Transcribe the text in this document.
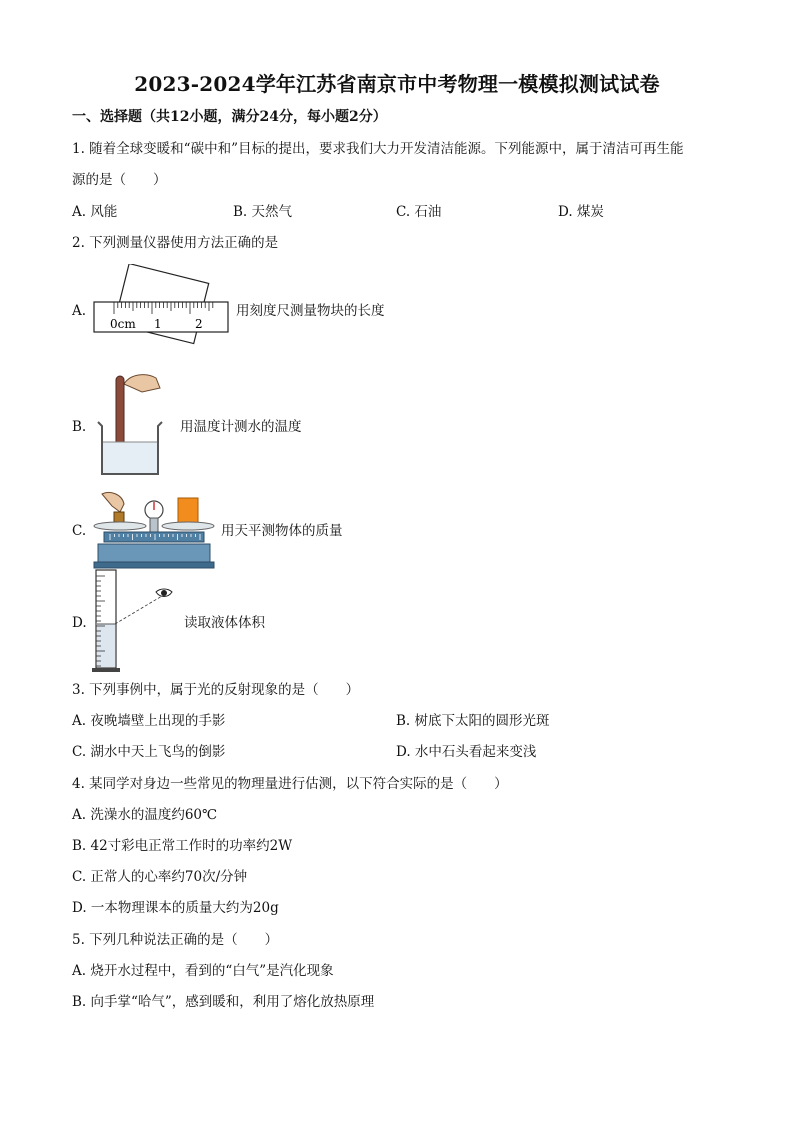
2023-2024学年江苏省南京市中考物理一模模拟测试试卷
一、选择题（共12小题，满分24分，每小题2分）
1. 随着全球变暖和“碳中和”目标的提出，要求我们大力开发清洁能源。下列能源中，属于清洁可再生能
源的是（　　）
A. 风能	B. 天然气	C. 石油	D. 煤炭
2. 下列测量仪器使用方法正确的是
A.
0cm 1	2
用刻度尺测量物块的长度
B.	用温度计测水的温度
C.	用天平测物体的质量
D.	读取液体体积
3. 下列事例中，属于光的反射现象的是（　　）
A. 夜晚墙壁上出现的手影	B. 树底下太阳的圆形光斑
C. 湖水中天上飞鸟的倒影	D. 水中石头看起来变浅
4. 某同学对身边一些常见的物理量进行估测，以下符合实际的是（　　）
A. 洗澡水的温度约60℃
B. 42寸彩电正常工作时的功率约2W
C. 正常人的心率约70次/分钟
D. 一本物理课本的质量大约为20g
5. 下列几种说法正确的是（　　）
A. 烧开水过程中，看到的“白气”是汽化现象
B. 向手掌“哈气”，感到暖和，利用了熔化放热原理
